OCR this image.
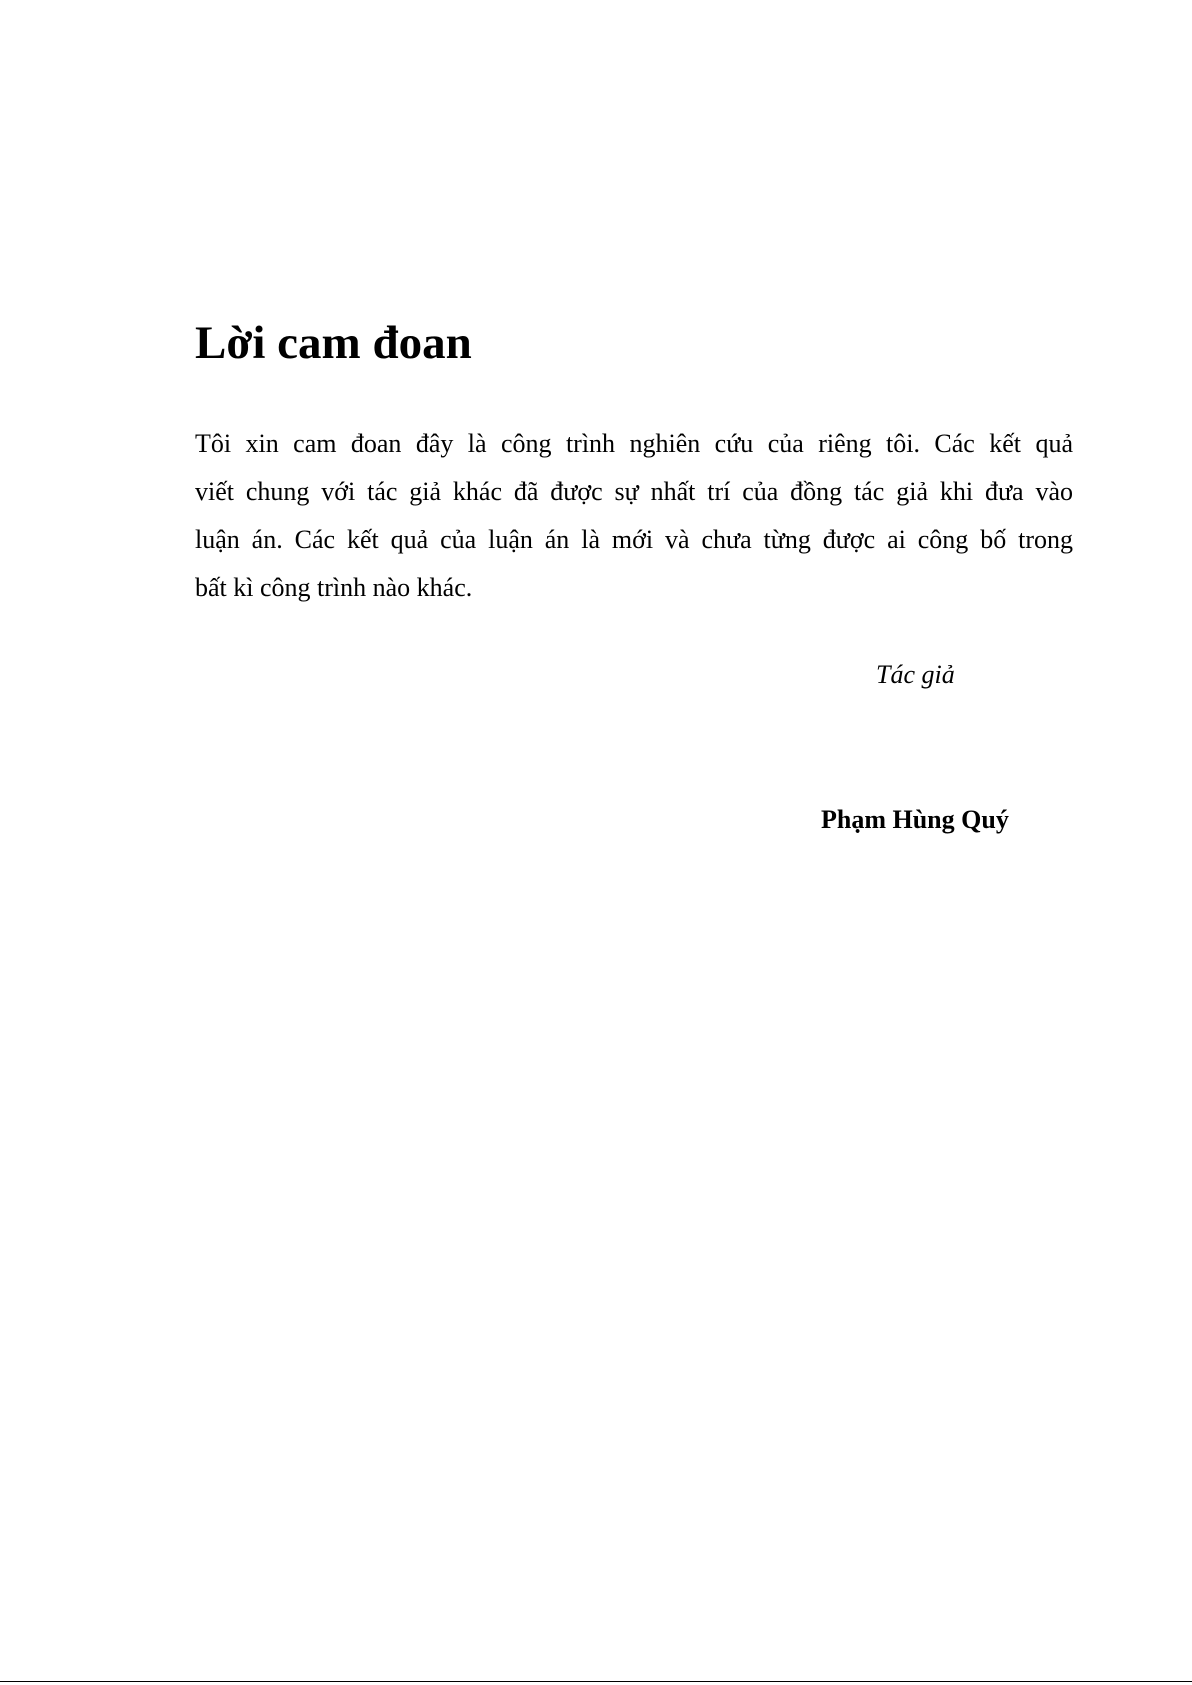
Lời cam đoan
Tôi xin cam đoan đây là công trình nghiên cứu của riêng tôi. Các kết quả
viết chung với tác giả khác đã được sự nhất trí của đồng tác giả khi đưa vào
luận án. Các kết quả của luận án là mới và chưa từng được ai công bố trong
bất kì công trình nào khác.

Tác giả

Phạm Hùng Quý
